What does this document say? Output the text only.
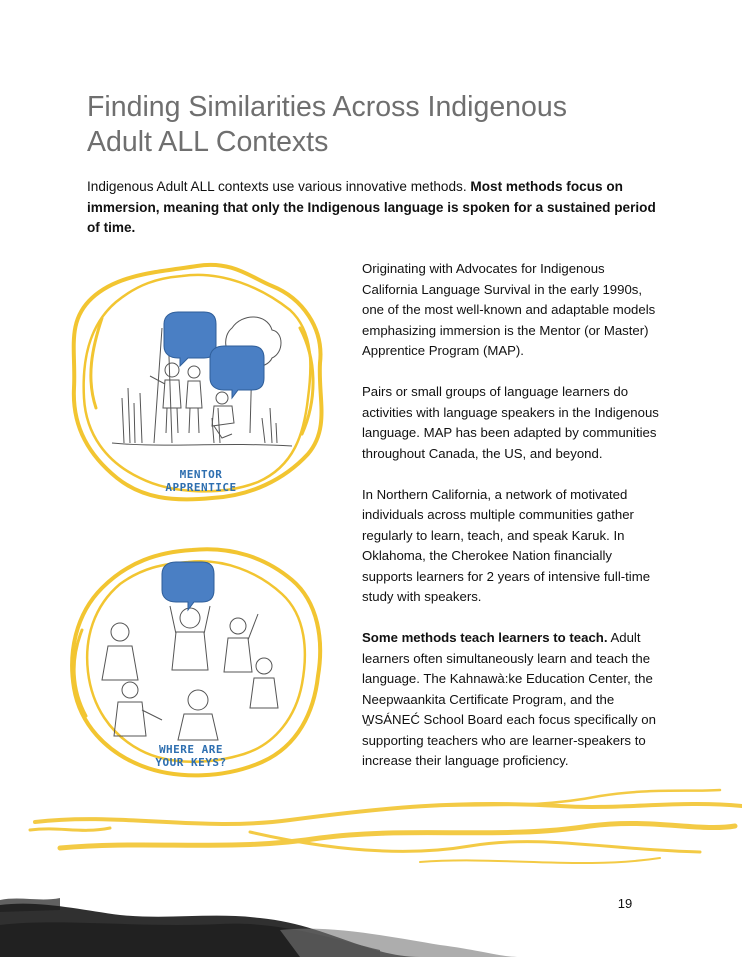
Finding Similarities Across Indigenous
Adult ALL Contexts

Indigenous Adult ALL contexts use various innovative methods. Most methods focus on immersion, meaning that only the Indigenous language is spoken for a sustained period of time.

MENTOR
APPRENTICE
WHERE ARE
YOUR KEYS?

Originating with Advocates for Indigenous California Language Survival in the early 1990s, one of the most well-known and adaptable models emphasizing immersion is the Mentor (or Master) Apprentice Program (MAP).

Pairs or small groups of language learners do activities with language speakers in the Indigenous language. MAP has been adapted by communities throughout Canada, the US, and beyond.

In Northern California, a network of motivated individuals across multiple communities gather regularly to learn, teach, and speak Karuk. In Oklahoma, the Cherokee Nation financially supports learners for 2 years of intensive full-time study with speakers.

Some methods teach learners to teach. Adult learners often simultaneously learn and teach the language. The Kahnawà:ke Education Center, the Neepwaankita Certificate Program, and the W̱SÁNEĆ School Board each focus specifically on supporting teachers who are learner-speakers to increase their language proficiency.

19
